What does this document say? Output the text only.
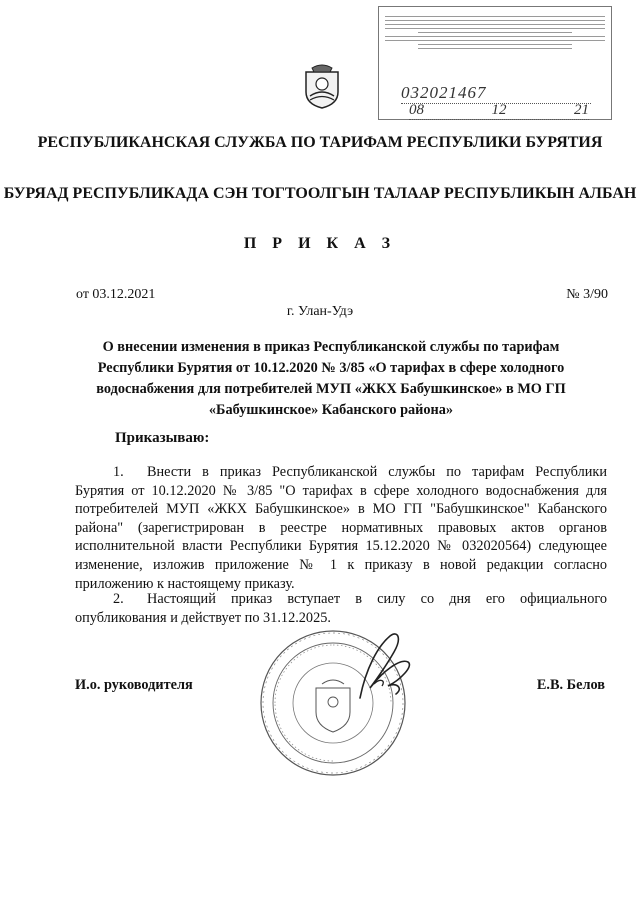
032021467
08	12	21
РЕСПУБЛИКАНСКАЯ СЛУЖБА ПО ТАРИФАМ РЕСПУБЛИКИ БУРЯТИЯ
БУРЯАД РЕСПУБЛИКАДА СЭН ТОГТООЛГЫН ТАЛААР РЕСПУБЛИКЫН АЛБАН
П Р И К А З
от 03.12.2021	№ 3/90
г. Улан-Удэ
О внесении изменения в приказ Республиканской службы по тарифам Республики Бурятия от 10.12.2020 № 3/85 «О тарифах в сфере холодного водоснабжения для потребителей МУП «ЖКХ Бабушкинское» в МО ГП «Бабушкинское» Кабанского района»
Приказываю:
1. Внести в приказ Республиканской службы по тарифам Республики Бурятия от 10.12.2020 № 3/85 "О тарифах в сфере холодного водоснабжения для потребителей МУП «ЖКХ Бабушкинское» в МО ГП "Бабушкинское" Кабанского района" (зарегистрирован в реестре нормативных правовых актов органов исполнительной власти Республики Бурятия 15.12.2020 № 032020564) следующее изменение, изложив приложение № 1 к приказу в новой редакции согласно приложению к настоящему приказу.
2. Настоящий приказ вступает в силу со дня его официального опубликования и действует по 31.12.2025.
И.о. руководителя	Е.В. Белов
